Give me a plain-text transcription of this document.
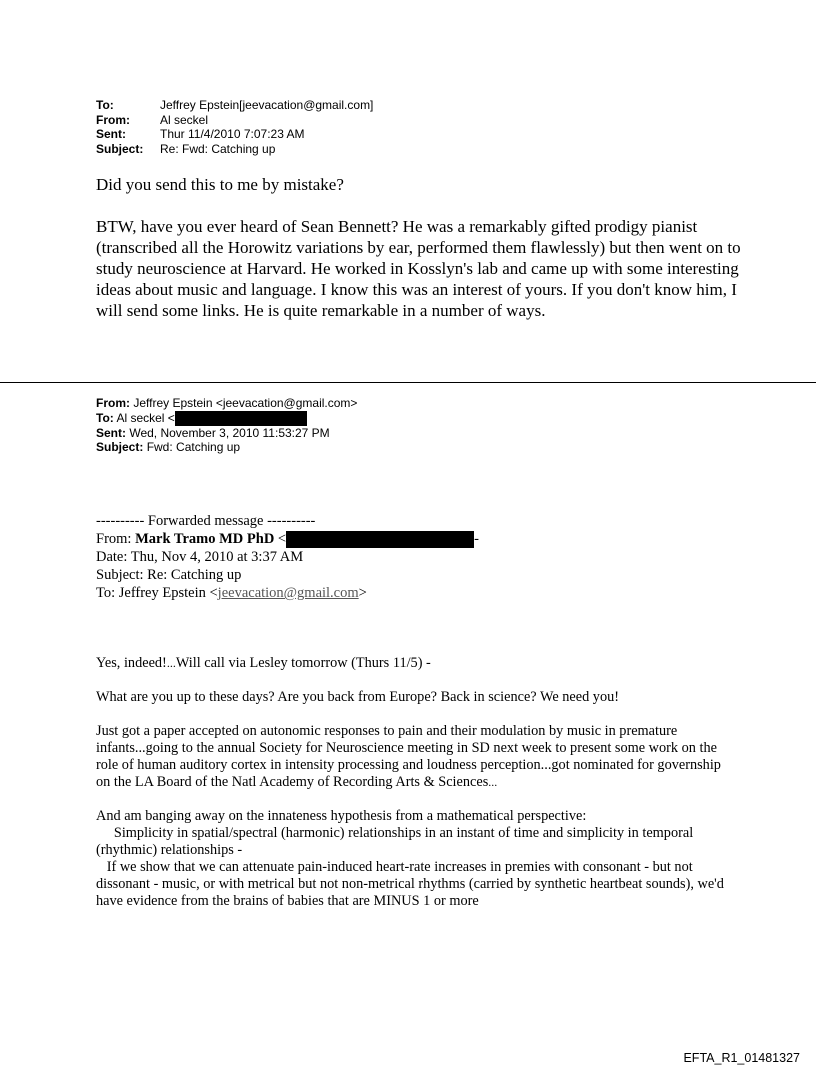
To:	Jeffrey Epstein[jeevacation@gmail.com]
From:	Al seckel
Sent:	Thur 11/4/2010 7:07:23 AM
Subject:	Re: Fwd: Catching up

Did you send this to me by mistake?

BTW, have you ever heard of Sean Bennett? He was a remarkably gifted prodigy pianist (transcribed all the Horowitz variations by ear, performed them flawlessly) but then went on to study neuroscience at Harvard. He worked in Kosslyn's lab and came up with some interesting ideas about music and language. I know this was an interest of yours. If you don't know him, I will send some links. He is quite remarkable in a number of ways.

From: Jeffrey Epstein <jeevacation@gmail.com>
To: Al seckel <
Sent: Wed, November 3, 2010 11:53:27 PM
Subject: Fwd: Catching up
---------- Forwarded message ----------
From: Mark Tramo MD PhD <	-
Date: Thu, Nov 4, 2010 at 3:37 AM
Subject: Re: Catching up
To: Jeffrey Epstein <jeevacation@gmail.com>

Yes, indeed!...Will call via Lesley tomorrow (Thurs 11/5) -

What are you up to these days? Are you back from Europe? Back in science? We need you!

Just got a paper accepted on autonomic responses to pain and their modulation by music in premature infants...going to the annual Society for Neuroscience meeting in SD next week to present some work on the role of human auditory cortex in intensity processing and loudness perception...got nominated for governship on the LA Board of the Natl Academy of Recording Arts & Sciences...

And am banging away on the innateness hypothesis from a mathematical perspective:
Simplicity in spatial/spectral (harmonic) relationships in an instant of time and simplicity in temporal (rhythmic) relationships -
If we show that we can attenuate pain-induced heart-rate increases in premies with consonant - but not dissonant - music, or with metrical but not non-metrical rhythms (carried by synthetic heartbeat sounds), we'd have evidence from the brains of babies that are MINUS 1 or more

EFTA_R1_01481327
